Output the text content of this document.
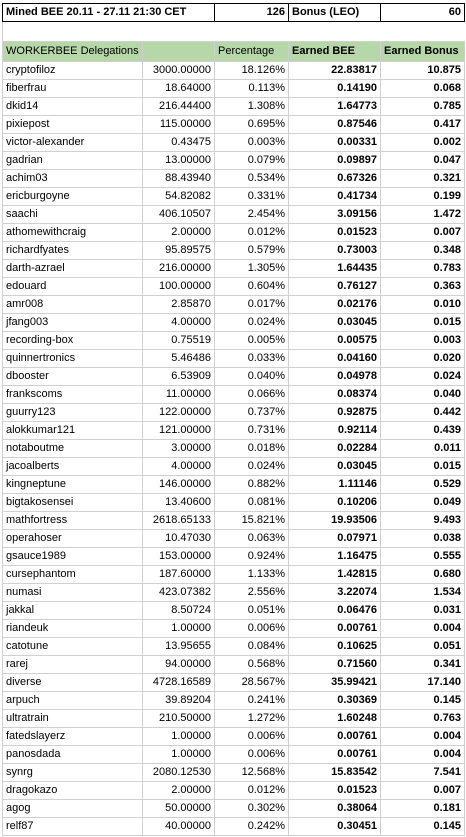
Mined BEE 20.11 - 27.11 21:30 CET		126	Bonus (LEO)	60

WORKERBEE Delegations		Percentage	Earned BEE	Earned Bonus
cryptofiloz	3000.00000	18.126%	22.83817	10.875
fiberfrau	18.64000	0.113%	0.14190	0.068
dkid14	216.44400	1.308%	1.64773	0.785
pixiepost	115.00000	0.695%	0.87546	0.417
victor-alexander	0.43475	0.003%	0.00331	0.002
gadrian	13.00000	0.079%	0.09897	0.047
achim03	88.43940	0.534%	0.67326	0.321
ericburgoyne	54.82082	0.331%	0.41734	0.199
saachi	406.10507	2.454%	3.09156	1.472
athomewithcraig	2.00000	0.012%	0.01523	0.007
richardfyates	95.89575	0.579%	0.73003	0.348
darth-azrael	216.00000	1.305%	1.64435	0.783
edouard	100.00000	0.604%	0.76127	0.363
amr008	2.85870	0.017%	0.02176	0.010
jfang003	4.00000	0.024%	0.03045	0.015
recording-box	0.75519	0.005%	0.00575	0.003
quinnertronics	5.46486	0.033%	0.04160	0.020
dbooster	6.53909	0.040%	0.04978	0.024
frankscoms	11.00000	0.066%	0.08374	0.040
guurry123	122.00000	0.737%	0.92875	0.442
alokkumar121	121.00000	0.731%	0.92114	0.439
notaboutme	3.00000	0.018%	0.02284	0.011
jacoalberts	4.00000	0.024%	0.03045	0.015
kingneptune	146.00000	0.882%	1.11146	0.529
bigtakosensei	13.40600	0.081%	0.10206	0.049
mathfortress	2618.65133	15.821%	19.93506	9.493
operahoser	10.47030	0.063%	0.07971	0.038
gsauce1989	153.00000	0.924%	1.16475	0.555
cursephantom	187.60000	1.133%	1.42815	0.680
numasi	423.07382	2.556%	3.22074	1.534
jakkal	8.50724	0.051%	0.06476	0.031
riandeuk	1.00000	0.006%	0.00761	0.004
catotune	13.95655	0.084%	0.10625	0.051
rarej	94.00000	0.568%	0.71560	0.341
diverse	4728.16589	28.567%	35.99421	17.140
arpuch	39.89204	0.241%	0.30369	0.145
ultratrain	210.50000	1.272%	1.60248	0.763
fatedslayerz	1.00000	0.006%	0.00761	0.004
panosdada	1.00000	0.006%	0.00761	0.004
synrg	2080.12530	12.568%	15.83542	7.541
dragokazo	2.00000	0.012%	0.01523	0.007
agog	50.00000	0.302%	0.38064	0.181
relf87	40.00000	0.242%	0.30451	0.145
